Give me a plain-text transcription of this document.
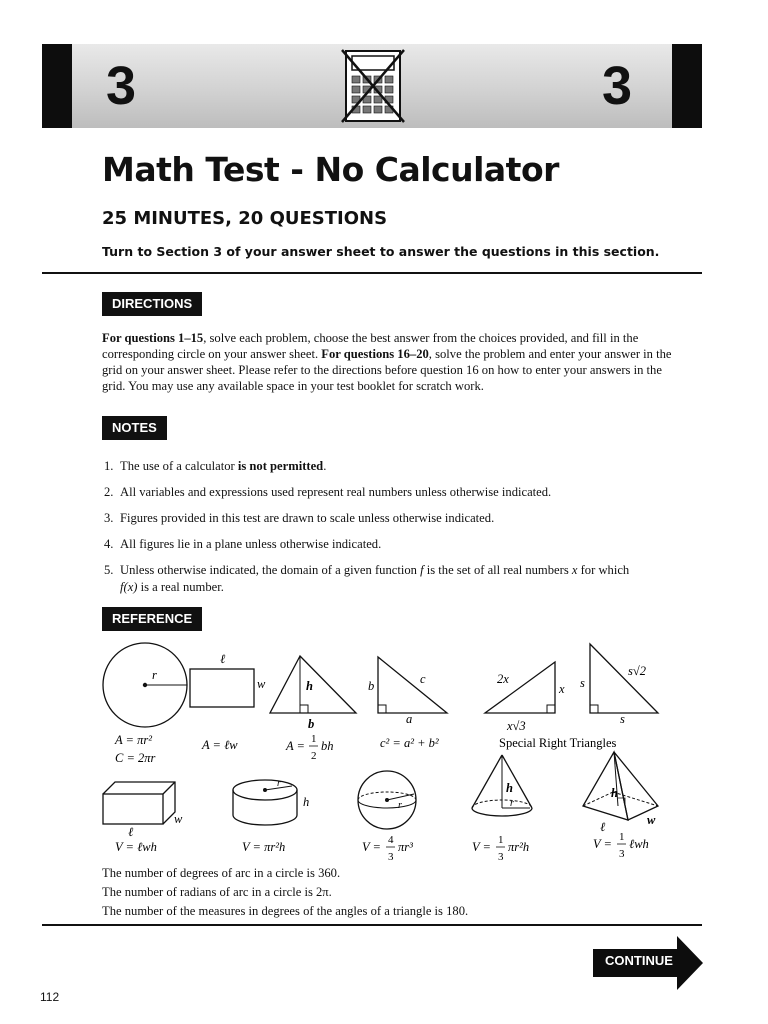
3	3
Math Test - No Calculator
25 MINUTES, 20 QUESTIONS
Turn to Section 3 of your answer sheet to answer the questions in this section.
DIRECTIONS
For questions 1–15, solve each problem, choose the best answer from the choices provided, and fill in the corresponding circle on your answer sheet. For questions 16–20, solve the problem and enter your answer in the grid on your answer sheet. Please refer to the directions before question 16 on how to enter your answers in the grid. You may use any available space in your test booklet for scratch work.
NOTES
1. The use of a calculator is not permitted.
2. All variables and expressions used represent real numbers unless otherwise indicated.
3. Figures provided in this test are drawn to scale unless otherwise indicated.
4. All figures lie in a plane unless otherwise indicated.
5. Unless otherwise indicated, the domain of a given function f is the set of all real numbers x for which
f(x) is a real number.
REFERENCE
r
A = πr²
C = 2πr
ℓ
w
A = ℓw
h
b
A = 1
2
bh
b	c
a
c² = a² + b²
2x
x
x√3
s
s
s√2
Special Right Triangles
ℓ
w
V = ℓwh
r
h
V = πr²h
r
V = 4
3
πr³
h
r
V = 1
3
πr²h
h
ℓ	w
V = 1
3
ℓwh
The number of degrees of arc in a circle is 360.
The number of radians of arc in a circle is 2π.
The number of the measures in degrees of the angles of a triangle is 180.
CONTINUE
112
